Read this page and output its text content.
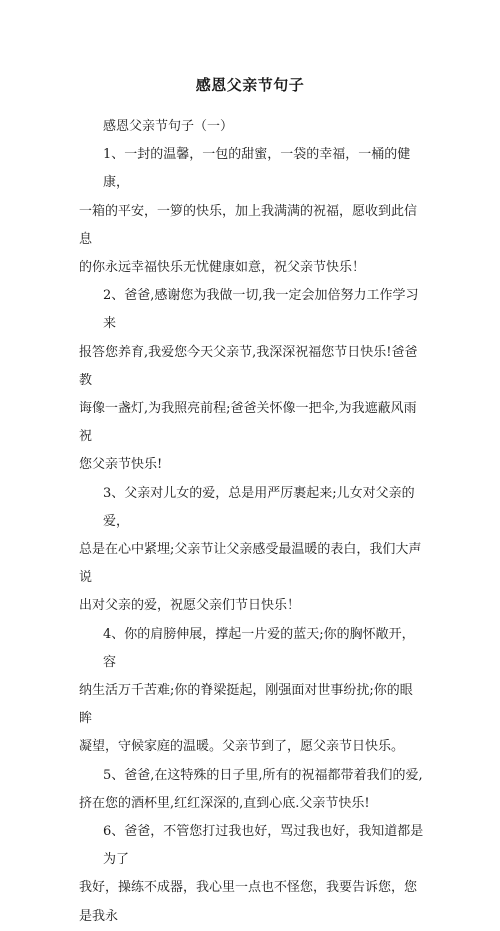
感恩父亲节句子
感恩父亲节句子（一）
1、一封的温馨，一包的甜蜜，一袋的幸福，一桶的健康，
一箱的平安，一箩的快乐，加上我满满的祝福，愿收到此信息
的你永远幸福快乐无忧健康如意，祝父亲节快乐！
2、爸爸,感谢您为我做一切,我一定会加倍努力工作学习来
报答您养育,我爱您今天父亲节,我深深祝福您节日快乐!爸爸教
诲像一盏灯,为我照亮前程;爸爸关怀像一把伞,为我遮蔽风雨祝
您父亲节快乐!
3、父亲对儿女的爱，总是用严厉裹起来;儿女对父亲的爱，
总是在心中紧埋;父亲节让父亲感受最温暖的表白，我们大声说
出对父亲的爱，祝愿父亲们节日快乐！
4、你的肩膀伸展，撑起一片爱的蓝天;你的胸怀敞开，容
纳生活万千苦难;你的脊梁挺起，刚强面对世事纷扰;你的眼眸
凝望，守候家庭的温暖。父亲节到了，愿父亲节日快乐。
5、爸爸,在这特殊的日子里,所有的祝福都带着我们的爱,
挤在您的酒杯里,红红深深的,直到心底.父亲节快乐!
6、爸爸，不管您打过我也好，骂过我也好，我知道都是为了
我好，操练不成器，我心里一点也不怪您，我要告诉您，您是我永
